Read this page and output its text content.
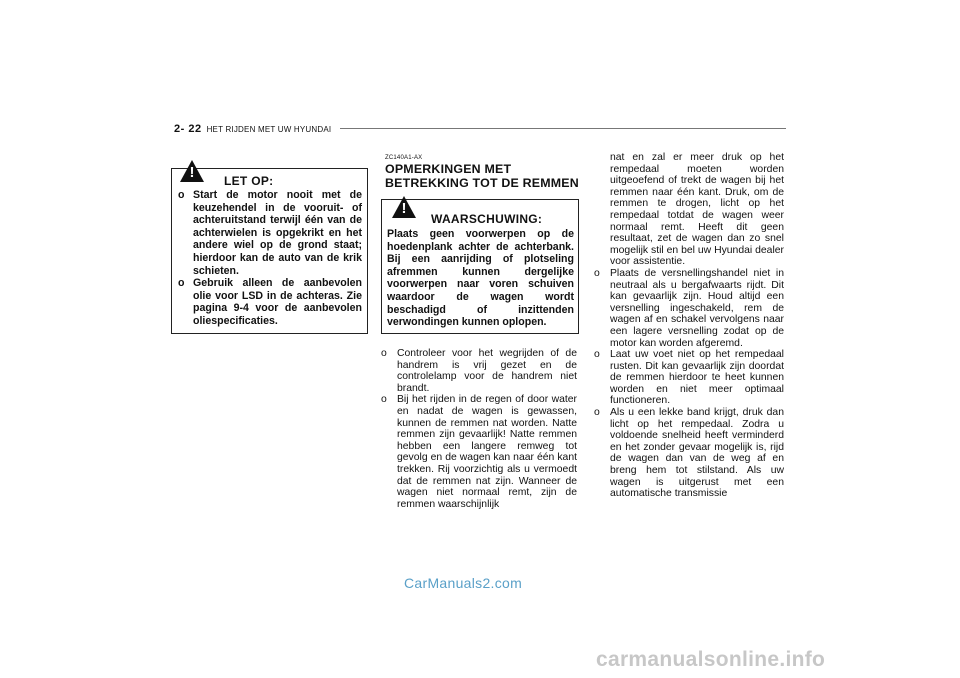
2- 22 HET RIJDEN MET UW HYUNDAI
! LET OP:
o Start de motor nooit met de keuzehendel in de vooruit- of achteruitstand terwijl één van de achterwielen is opgekrikt en het andere wiel op de grond staat; hierdoor kan de auto van de krik schieten.
o Gebruik alleen de aanbevolen olie voor LSD in de achteras. Zie pagina 9-4 voor de aanbevolen oliespecificaties.
ZC140A1-AX
OPMERKINGEN MET BETREKKING TOT DE REMMEN
!
WAARSCHUWING:

Plaats geen voorwerpen op de hoedenplank achter de achterbank. Bij een aanrijding of plotseling afremmen kunnen dergelijke voorwerpen naar voren schuiven waardoor de wagen wordt beschadigd of inzittenden verwondingen kunnen oplopen.

o Controleer voor het wegrijden of de handrem is vrij gezet en de controlelamp voor de handrem niet brandt.
o Bij het rijden in de regen of door water en nadat de wagen is gewassen, kunnen de remmen nat worden. Natte remmen zijn gevaarlijk! Natte remmen hebben een langere remweg tot gevolg en de wagen kan naar één kant trekken. Rij voorzichtig als u vermoedt dat de remmen nat zijn. Wanneer de wagen niet normaal remt, zijn de remmen waarschijnlijk

nat en zal er meer druk op het rempedaal moeten worden uitgeoefend of trekt de wagen bij het remmen naar één kant. Druk, om de remmen te drogen, licht op het rempedaal totdat de wagen weer normaal remt. Heeft dit geen resultaat, zet de wagen dan zo snel mogelijk stil en bel uw Hyundai dealer voor assistentie.

o Plaats de versnellingshandel niet in neutraal als u bergafwaarts rijdt. Dit kan gevaarlijk zijn. Houd altijd een versnelling ingeschakeld, rem de wagen af en schakel vervolgens naar een lagere versnelling zodat op de motor kan worden afgeremd.
o Laat uw voet niet op het rempedaal rusten. Dit kan gevaarlijk zijn doordat de remmen hierdoor te heet kunnen worden en niet meer optimaal functioneren.
o Als u een lekke band krijgt, druk dan licht op het rempedaal. Zodra u voldoende snelheid heeft verminderd en het zonder gevaar mogelijk is, rijd de wagen dan van de weg af en breng hem tot stilstand. Als uw wagen is uitgerust met een automatische transmissie
CarManuals2.com
carmanualsonline.info
